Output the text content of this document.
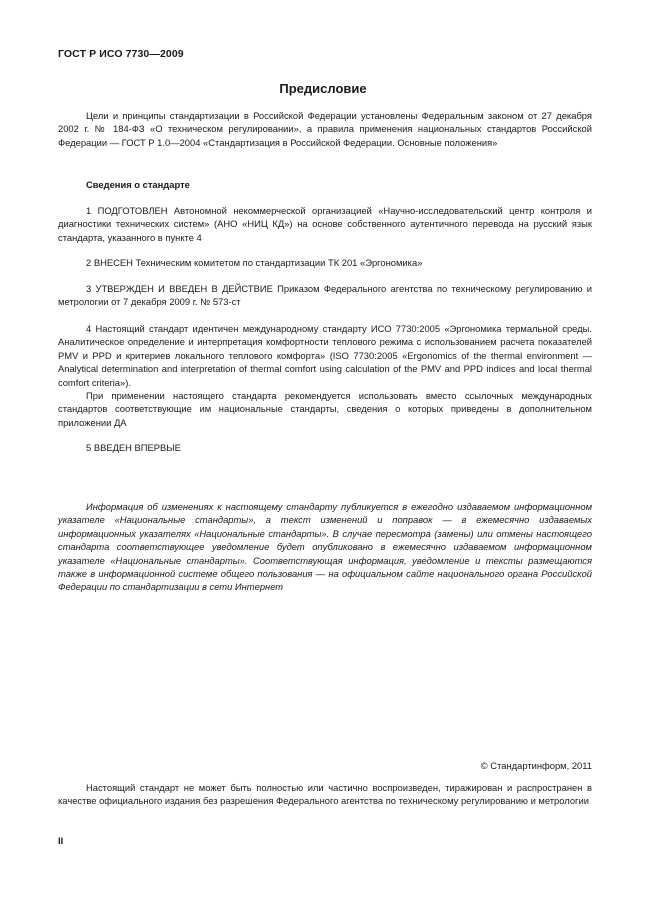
ГОСТ Р ИСО 7730—2009
Предисловие

Цели и принципы стандартизации в Российской Федерации установлены Федеральным законом от 27 декабря 2002 г. № 184-ФЗ «О техническом регулировании», а правила применения национальных стандартов Российской Федерации — ГОСТ Р 1.0—2004 «Стандартизация в Российской Федерации. Основные положения»

Сведения о стандарте

1 ПОДГОТОВЛЕН Автономной некоммерческой организацией «Научно-исследовательский центр контроля и диагностики технических систем» (АНО «НИЦ КД») на основе собственного аутентичного перевода на русский язык стандарта, указанного в пункте 4

2 ВНЕСЕН Техническим комитетом по стандартизации ТК 201 «Эргономика»

3 УТВЕРЖДЕН И ВВЕДЕН В ДЕЙСТВИЕ Приказом Федерального агентства по техническому регулированию и метрологии от 7 декабря 2009 г. № 573-ст

4 Настоящий стандарт идентичен международному стандарту ИСО 7730:2005 «Эргономика термальной среды. Аналитическое определение и интерпретация комфортности теплового режима с использованием расчета показателей PMV и PPD и критериев локального теплового комфорта» (ISO 7730:2005 «Ergonomics of the thermal environment — Analytical determination and interpretation of thermal comfort using calculation of the PMV and PPD indices and local thermal comfort criteria»).

При применении настоящего стандарта рекомендуется использовать вместо ссылочных международных стандартов соответствующие им национальные стандарты, сведения о которых приведены в дополнительном приложении ДА

5 ВВЕДЕН ВПЕРВЫЕ

Информация об изменениях к настоящему стандарту публикуется в ежегодно издаваемом информационном указателе «Национальные стандарты», а текст изменений и поправок — в ежемесячно издаваемых информационных указателях «Национальные стандарты». В случае пересмотра (замены) или отмены настоящего стандарта соответствующее уведомление будет опубликовано в ежемесячно издаваемом информационном указателе «Национальные стандарты». Соответствующая информация, уведомление и тексты размещаются также в информационной системе общего пользования — на официальном сайте национального органа Российской Федерации по стандартизации в сети Интернет

© Стандартинформ, 2011

Настоящий стандарт не может быть полностью или частично воспроизведен, тиражирован и распространен в качестве официального издания без разрешения Федерального агентства по техническому регулированию и метрологии

II
